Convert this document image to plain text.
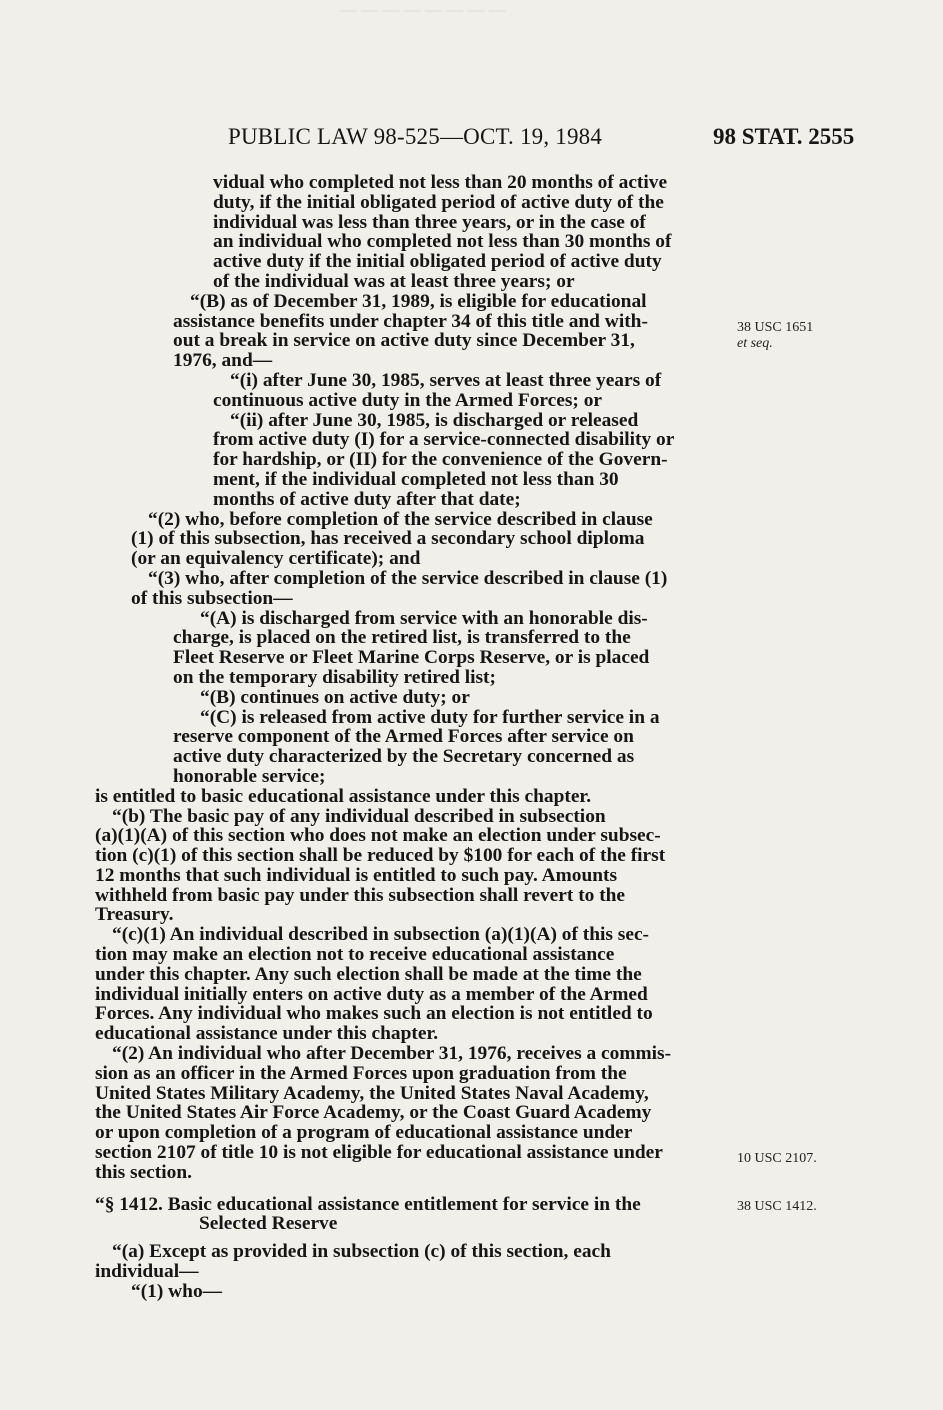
— — — — — — — —
PUBLIC LAW 98-525—OCT. 19, 1984	98 STAT. 2555
38 USC 1651
et seq.
10 USC 2107.
38 USC 1412.
vidual who completed not less than 20 months of active
duty, if the initial obligated period of active duty of the
individual was less than three years, or in the case of
an individual who completed not less than 30 months of
active duty if the initial obligated period of active duty
of the individual was at least three years; or
“(B) as of December 31, 1989, is eligible for educational
assistance benefits under chapter 34 of this title and with-
out a break in service on active duty since December 31,
1976, and—
“(i) after June 30, 1985, serves at least three years of
continuous active duty in the Armed Forces; or
“(ii) after June 30, 1985, is discharged or released
from active duty (I) for a service-connected disability or
for hardship, or (II) for the convenience of the Govern-
ment, if the individual completed not less than 30
months of active duty after that date;
“(2) who, before completion of the service described in clause
(1) of this subsection, has received a secondary school diploma
(or an equivalency certificate); and
“(3) who, after completion of the service described in clause (1)
of this subsection—
“(A) is discharged from service with an honorable dis-
charge, is placed on the retired list, is transferred to the
Fleet Reserve or Fleet Marine Corps Reserve, or is placed
on the temporary disability retired list;
“(B) continues on active duty; or
“(C) is released from active duty for further service in a
reserve component of the Armed Forces after service on
active duty characterized by the Secretary concerned as
honorable service;
is entitled to basic educational assistance under this chapter.
“(b) The basic pay of any individual described in subsection
(a)(1)(A) of this section who does not make an election under subsec-
tion (c)(1) of this section shall be reduced by $100 for each of the first
12 months that such individual is entitled to such pay. Amounts
withheld from basic pay under this subsection shall revert to the
Treasury.
“(c)(1) An individual described in subsection (a)(1)(A) of this sec-
tion may make an election not to receive educational assistance
under this chapter. Any such election shall be made at the time the
individual initially enters on active duty as a member of the Armed
Forces. Any individual who makes such an election is not entitled to
educational assistance under this chapter.
“(2) An individual who after December 31, 1976, receives a commis-
sion as an officer in the Armed Forces upon graduation from the
United States Military Academy, the United States Naval Academy,
the United States Air Force Academy, or the Coast Guard Academy
or upon completion of a program of educational assistance under
section 2107 of title 10 is not eligible for educational assistance under
this section.
“§ 1412. Basic educational assistance entitlement for service in the
Selected Reserve
“(a) Except as provided in subsection (c) of this section, each
individual—
“(1) who—
